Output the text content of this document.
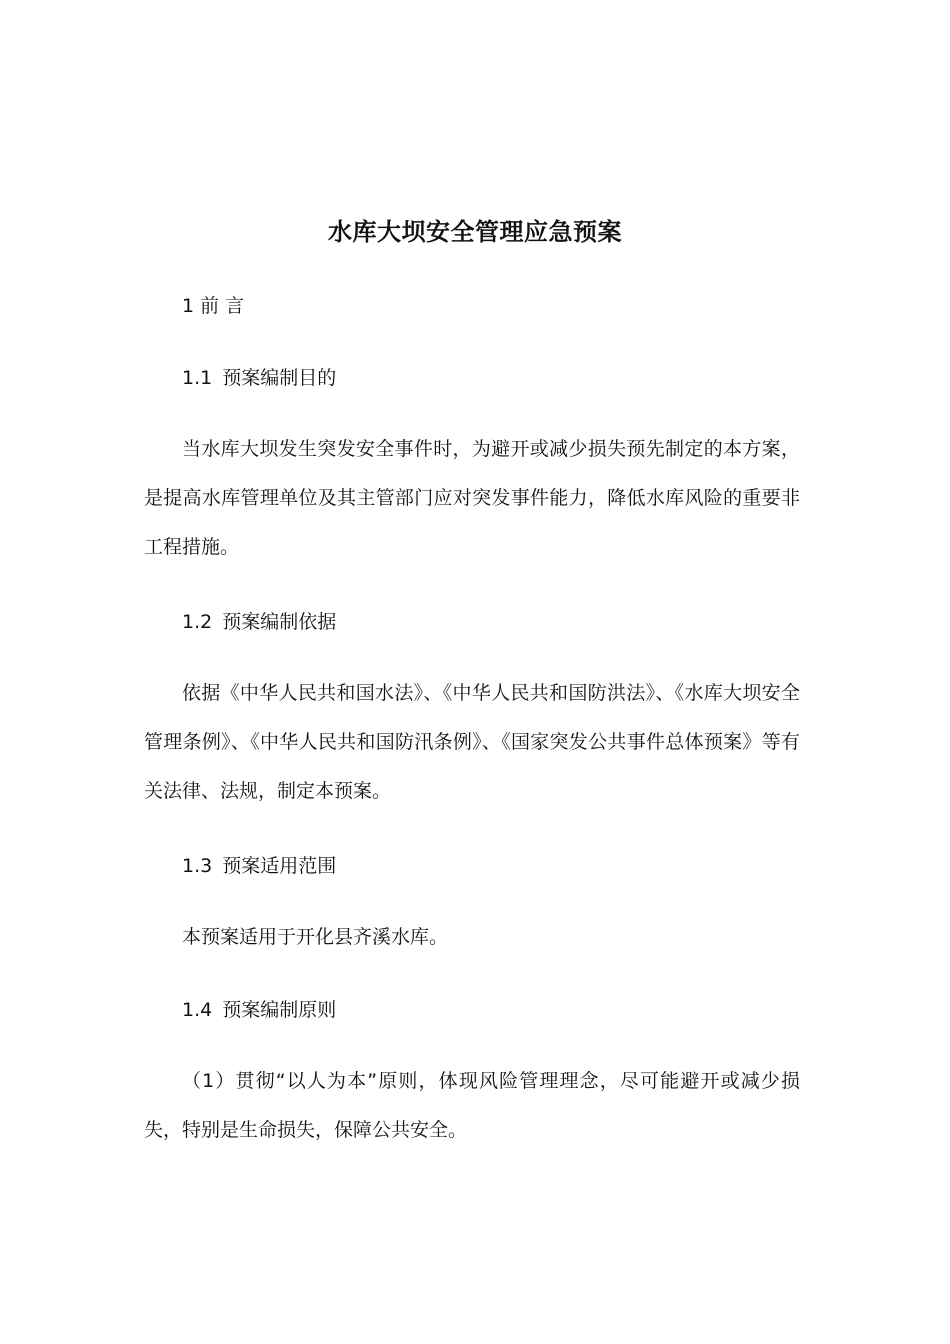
水库大坝安全管理应急预案
1 前 言
1.1 预案编制目的
当水库大坝发生突发安全事件时，为避开或减少损失预先制定的本方案，是提高水库管理单位及其主管部门应对突发事件能力，降低水库风险的重要非工程措施。
1.2 预案编制依据
依据《中华人民共和国水法》、《中华人民共和国防洪法》、《水库大坝安全管理条例》、《中华人民共和国防汛条例》、《国家突发公共事件总体预案》等有关法律、法规，制定本预案。
1.3 预案适用范围
本预案适用于开化县齐溪水库。
1.4 预案编制原则
（1）贯彻“以人为本”原则，体现风险管理理念，尽可能避开或减少损失，特别是生命损失，保障公共安全。
